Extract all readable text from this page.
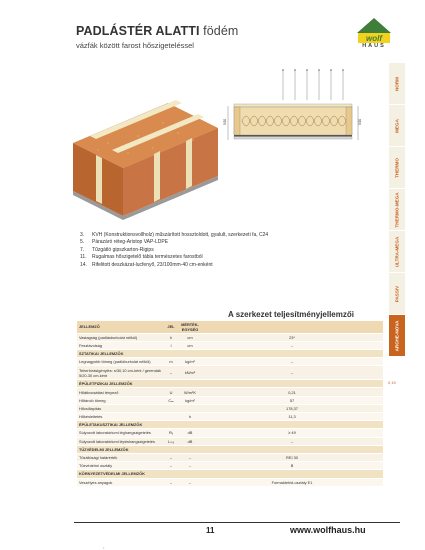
PADLÁSTÉR ALATTI födém
vázfák között farost hőszigeteléssel
wolf
HAUS
NORM
MEGA
THERMO
THERMO-MEGA
ULTRA-MEGA
PASSIV
ARCHE-NOVA
5/20	5/20
3. KVH (Konstruktionsvollholz) műszárított hossztoldott, gyalult, szerkezeti fa, C24
5. Párazáró réteg-Aristop VAP-LDPE
7. Tűzgátló gipszkarton-Rigips
11. Rugalmas hőszigetelő tábla természetes farostból
14. Rifelitott deszkázat-lucfenyő, 23/100mm-40 cm-enként
A szerkezet teljesítményjellemzői
JELLEMZŐ	JEL	MÉRTÉK-EGYSÉG	
Vastagság (padlásburkolat nélkül)	h	cm	23*
Fesztávolság	l	cm	–
SZTATIKAI JELLEMZŐK			
Legnagyobb tömeg (padlóburkolat nélkül)	m	kg/m²	–
Teherbírásigénylés: s/30,10 cm-ként / gerendák 5/20-30 cm-ként	–	kN/m²	–
ÉPÜLETFIZIKAI JELLEMZŐK			
Hőátbocsátási tényező	U	W/m²K	0,21
Hőtároló tömeg	Cₘ	kg/m²	57
Hőcsillapítás			178,37
Hőkésleltetés		h	11,3
ÉPÜLETAKUSZTIKAI JELLEMZŐK			
Súlyozott laboratóriumi léghangszigetelés	Rᵥ	dB	≥ 49
Súlyozott laboratóriumi lépéshangszigetelés	Lₙ,ᵥ	dB	–
TŰZVÉDELMI JELLEMZŐK			
Tűzállósági határérték	–	–	REI 30
Tűzvédelmi osztály	–	–	B
KÖRNYEZETVÉDELMI JELLEMZŐK			
Veszélyes anyagok	–	–	Formaldehid-osztály E1
0,19
11	www.wolfhaus.hu
•
